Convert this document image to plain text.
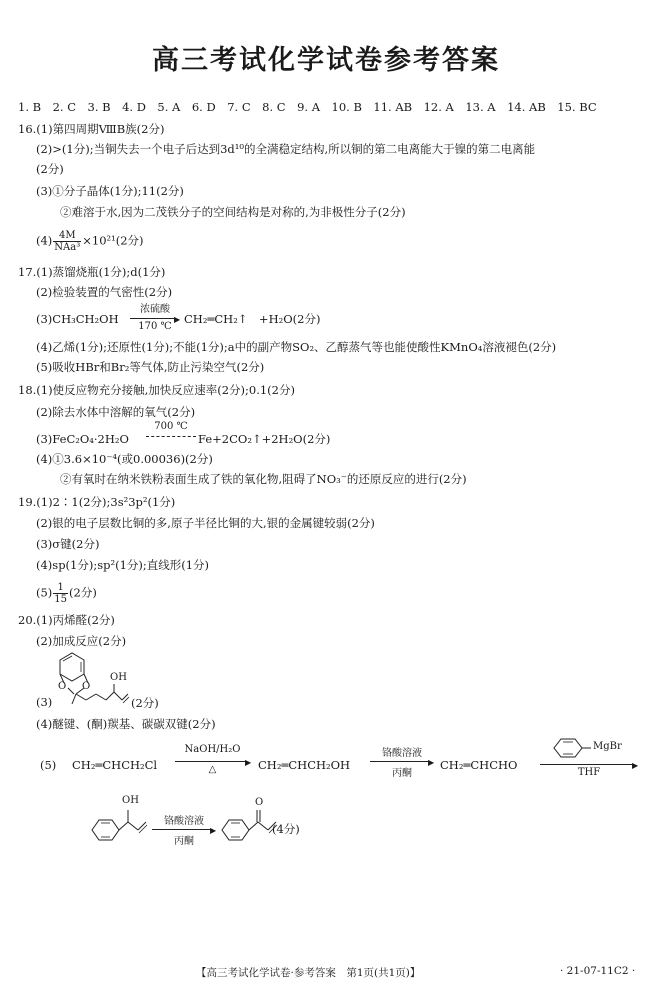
高三考试化学试卷参考答案
1. B　2. C　3. B　4. D　5. A　6. D　7. C　8. C　9. A　10. B　11. AB　12. A　13. A　14. AB　15. BC
16.(1)第四周期ⅧB族(2分)
(2)>(1分);当铜失去一个电子后达到3d¹⁰的全满稳定结构,所以铜的第二电离能大于镍的第二电离能
(2分)
(3)①分子晶体(1分);11(2分)
②难溶于水,因为二茂铁分子的空间结构是对称的,为非极性分子(2分)
$(4) \frac{4M}{\text{NAa³}} \times 10^{21}(2$分)
17.(1)蒸馏烧瓶(1分);d(1分)
(2)检验装置的气密性(2分)
(3)CH₃CH₂OH
浓硫酸
▶
170 ℃
CH₂═CH₂↑　+H₂O(2分)
(4)乙烯(1分);还原性(1分);不能(1分);a中的副产物SO₂、乙醇蒸气等也能使酸性KMnO₄溶液褪色(2分)
(5)吸收HBr和Br₂等气体,防止污染空气(2分)
18.(1)使反应物充分接触,加快反应速率(2分);0.1(2分)
(2)除去水体中溶解的氧气(2分)
(3)FeC₂O₄·2H₂O
700 ℃
Fe+2CO₂↑+2H₂O(2分)
(4)①3.6×10⁻⁴(或0.00036)(2分)
②有氧时在纳米铁粉表面生成了铁的氧化物,阻碍了NO₃⁻的还原反应的进行(2分)
19.(1)2∶1(2分);3s²3p²(1分)
(2)银的电子层数比铜的多,原子半径比铜的大,银的金属键较弱(2分)
(3)σ键(2分)
(4)sp(1分);sp²(1分);直线形(1分)
$(5) \frac{1}{15} (2$分)
20.(1)丙烯醛(2分)
(2)加成反应(2分)
(3)
O O
OH
(2分)
(4)醚键、(酮)羰基、碳碳双键(2分)
(5) CH₂═CHCH₂Cl
NaOH/H₂O
▶
△	CH₂═CHCH₂OH
铬酸溶液
▶
丙酮
CH₂═CHCHO
MgBr
▶
THF
OH
铬酸溶液
▶
丙酮
O
(4分)
【高三考试化学试卷·参考答案　第1页(共1页)】	· 21-07-11C2 ·
